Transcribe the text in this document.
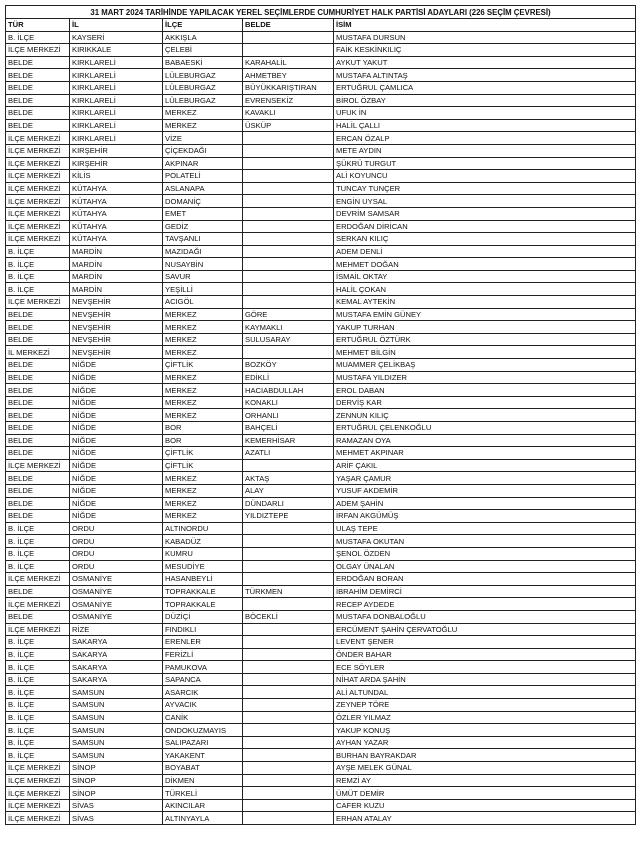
31 MART 2024 TARİHİNDE YAPILACAK YEREL SEÇİMLERDE CUMHURİYET HALK PARTİSİ ADAYLARI (226 SEÇİM ÇEVRESİ)				
TÜR	İL	İLÇE	BELDE	İSİM
B. İLÇE	KAYSERİ	AKKIŞLA		MUSTAFA DURSUN
İLÇE MERKEZİ	KIRIKKALE	ÇELEBİ		FAİK KESKİNKILIÇ
BELDE	KIRKLARELİ	BABAESKİ	KARAHALİL	AYKUT YAKUT
BELDE	KIRKLARELİ	LÜLEBURGAZ	AHMETBEY	MUSTAFA ALTINTAŞ
BELDE	KIRKLARELİ	LÜLEBURGAZ	BÜYÜKKARIŞTIRAN	ERTUĞRUL ÇAMLICA
BELDE	KIRKLARELİ	LÜLEBURGAZ	EVRENSEKİZ	BİROL ÖZBAY
BELDE	KIRKLARELİ	MERKEZ	KAVAKLI	UFUK İN
BELDE	KIRKLARELİ	MERKEZ	ÜSKÜP	HALİL ÇALLI
İLÇE MERKEZİ	KIRKLARELİ	VİZE		ERCAN ÖZALP
İLÇE MERKEZİ	KIRŞEHİR	ÇİÇEKDAĞI		METE AYDIN
İLÇE MERKEZİ	KIRŞEHİR	AKPINAR		ŞÜKRÜ TURGUT
İLÇE MERKEZİ	KİLİS	POLATELİ		ALİ KOYUNCU
İLÇE MERKEZİ	KÜTAHYA	ASLANAPA		TUNCAY TUNÇER
İLÇE MERKEZİ	KÜTAHYA	DOMANİÇ		ENGİN UYSAL
İLÇE MERKEZİ	KÜTAHYA	EMET		DEVRİM SAMSAR
İLÇE MERKEZİ	KÜTAHYA	GEDİZ		ERDOĞAN DİRİCAN
İLÇE MERKEZİ	KÜTAHYA	TAVŞANLI		SERKAN KILIÇ
B. İLÇE	MARDİN	MAZIDAĞI		ADEM DENLİ
B. İLÇE	MARDİN	NUSAYBİN		MEHMET DOĞAN
B. İLÇE	MARDİN	SAVUR		İSMAİL OKTAY
B. İLÇE	MARDİN	YEŞİLLİ		HALİL ÇOKAN
İLÇE MERKEZİ	NEVŞEHİR	ACIGÖL		KEMAL AYTEKİN
BELDE	NEVŞEHİR	MERKEZ	GÖRE	MUSTAFA EMİN GÜNEY
BELDE	NEVŞEHİR	MERKEZ	KAYMAKLI	YAKUP TURHAN
BELDE	NEVŞEHİR	MERKEZ	SULUSARAY	ERTUĞRUL ÖZTÜRK
İL MERKEZİ	NEVŞEHİR	MERKEZ		MEHMET BİLGİN
BELDE	NİĞDE	ÇİFTLİK	BOZKÖY	MUAMMER ÇELİKBAŞ
BELDE	NİĞDE	MERKEZ	EDİKLİ	MUSTAFA YILDIZER
BELDE	NİĞDE	MERKEZ	HACIABDULLAH	EROL DABAN
BELDE	NİĞDE	MERKEZ	KONAKLI	DERVİŞ KAR
BELDE	NİĞDE	MERKEZ	ORHANLI	ZENNUN KILIÇ
BELDE	NİĞDE	BOR	BAHÇELİ	ERTUĞRUL ÇELENKOĞLU
BELDE	NİĞDE	BOR	KEMERHİSAR	RAMAZAN OYA
BELDE	NİĞDE	ÇİFTLİK	AZATLI	MEHMET AKPINAR
İLÇE MERKEZİ	NİĞDE	ÇİFTLİK		ARİF ÇAKIL
BELDE	NİĞDE	MERKEZ	AKTAŞ	YAŞAR ÇAMUR
BELDE	NİĞDE	MERKEZ	ALAY	YUSUF AKDEMİR
BELDE	NİĞDE	MERKEZ	DÜNDARLI	ADEM ŞAHİN
BELDE	NİĞDE	MERKEZ	YILDIZTEPE	İRFAN AKGÜMÜŞ
B. İLÇE	ORDU	ALTINORDU		ULAŞ TEPE
B. İLÇE	ORDU	KABADÜZ		MUSTAFA OKUTAN
B. İLÇE	ORDU	KUMRU		ŞENOL ÖZDEN
B. İLÇE	ORDU	MESUDİYE		OLGAY ÜNALAN
İLÇE MERKEZİ	OSMANİYE	HASANBEYLİ		ERDOĞAN BORAN
BELDE	OSMANİYE	TOPRAKKALE	TÜRKMEN	İBRAHİM DEMİRCİ
İLÇE MERKEZİ	OSMANİYE	TOPRAKKALE		RECEP AYDEDE
BELDE	OSMANİYE	DÜZİÇİ	BÖCEKLİ	MUSTAFA DONBALOĞLU
İLÇE MERKEZİ	RİZE	FINDIKLI		ERCÜMENT ŞAHİN ÇERVATOĞLU
B. İLÇE	SAKARYA	ERENLER		LEVENT ŞENER
B. İLÇE	SAKARYA	FERİZLİ		ÖNDER BAHAR
B. İLÇE	SAKARYA	PAMUKOVA		ECE SÖYLER
B. İLÇE	SAKARYA	SAPANCA		NİHAT ARDA ŞAHİN
B. İLÇE	SAMSUN	ASARCIK		ALİ ALTUNDAL
B. İLÇE	SAMSUN	AYVACIK		ZEYNEP TÖRE
B. İLÇE	SAMSUN	CANİK		ÖZLER YILMAZ
B. İLÇE	SAMSUN	ONDOKUZMAYIS		YAKUP KONUŞ
B. İLÇE	SAMSUN	SALIPAZARI		AYHAN YAZAR
B. İLÇE	SAMSUN	YAKAKENT		BURHAN BAYRAKDAR
İLÇE MERKEZİ	SİNOP	BOYABAT		AYŞE MELEK GÜNAL
İLÇE MERKEZİ	SİNOP	DİKMEN		REMZİ AY
İLÇE MERKEZİ	SİNOP	TÜRKELİ		ÜMÜT DEMİR
İLÇE MERKEZİ	SİVAS	AKINCILAR		CAFER KUZU
İLÇE MERKEZİ	SİVAS	ALTINYAYLA		ERHAN ATALAY
